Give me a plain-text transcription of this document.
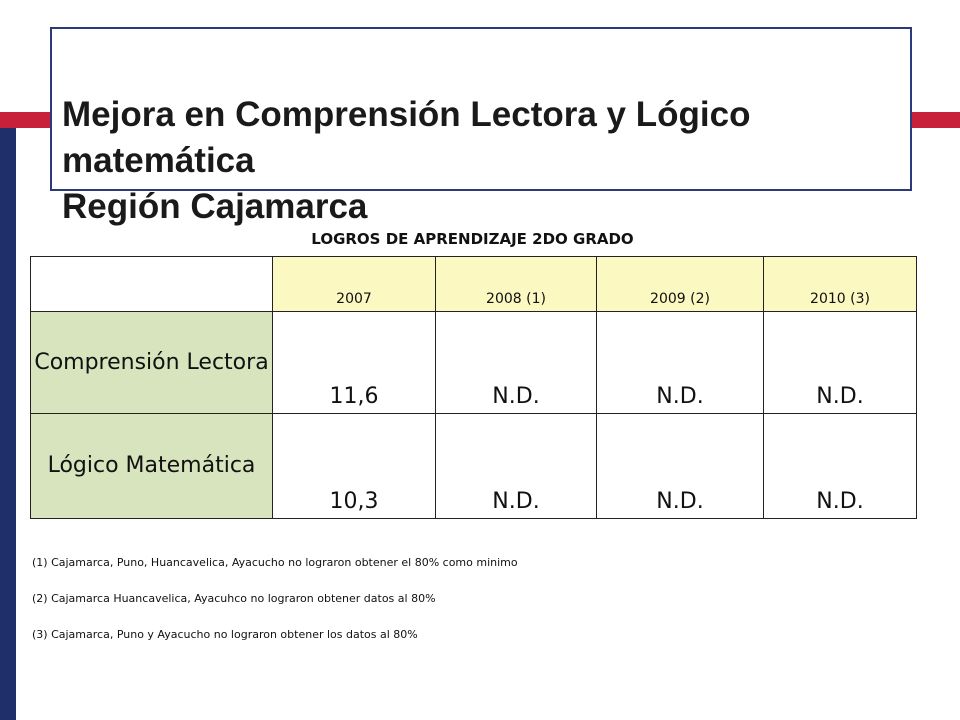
Mejora en Comprensión Lectora y Lógico
matemática
Región Cajamarca
LOGROS DE APRENDIZAJE 2DO GRADO
	2007	2008 (1)	2009 (2)	2010 (3)
Comprensión Lectora	11,6	N.D.	N.D.	N.D.
Lógico Matemática	10,3	N.D.	N.D.	N.D.

(1) Cajamarca, Puno, Huancavelica, Ayacucho no lograron obtener el 80% como minimo

(2) Cajamarca Huancavelica, Ayacuhco no lograron obtener datos al 80%

(3) Cajamarca, Puno y Ayacucho no lograron obtener los datos al 80%
